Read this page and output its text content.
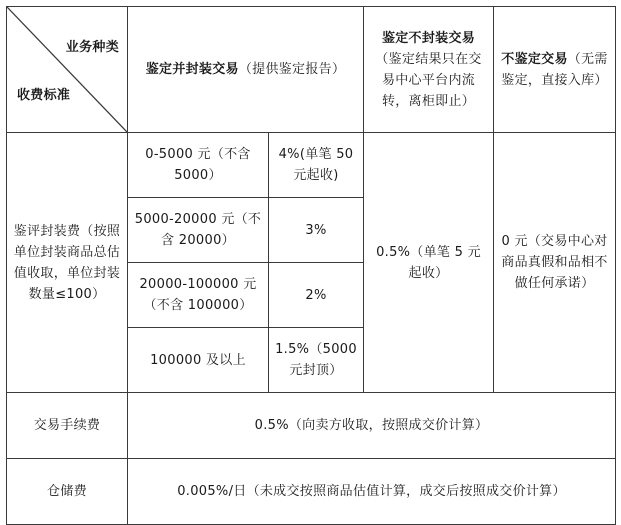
业务种类
收费标准	鉴定并封装交易（提供鉴定报告）		鉴定不封装交易（鉴定结果只在交易中心平台内流转，离柜即止）	不鉴定交易（无需鉴定，直接入库）
鉴评封装费（按照单位封装商品总估值收取，单位封装数量≤100）	0-5000 元（不含 5000）	4%(单笔 50 元起收)	0.5%（单笔 5 元起收）	0 元（交易中心对商品真假和品相不做任何承诺）
	5000-20000 元（不含 20000）	3%		
	20000-100000 元（不含 100000）	2%		
	100000 及以上	1.5%（5000 元封顶）		
交易手续费	0.5%（向卖方收取，按照成交价计算）			
仓储费	0.005%/日（未成交按照商品估值计算，成交后按照成交价计算）			
